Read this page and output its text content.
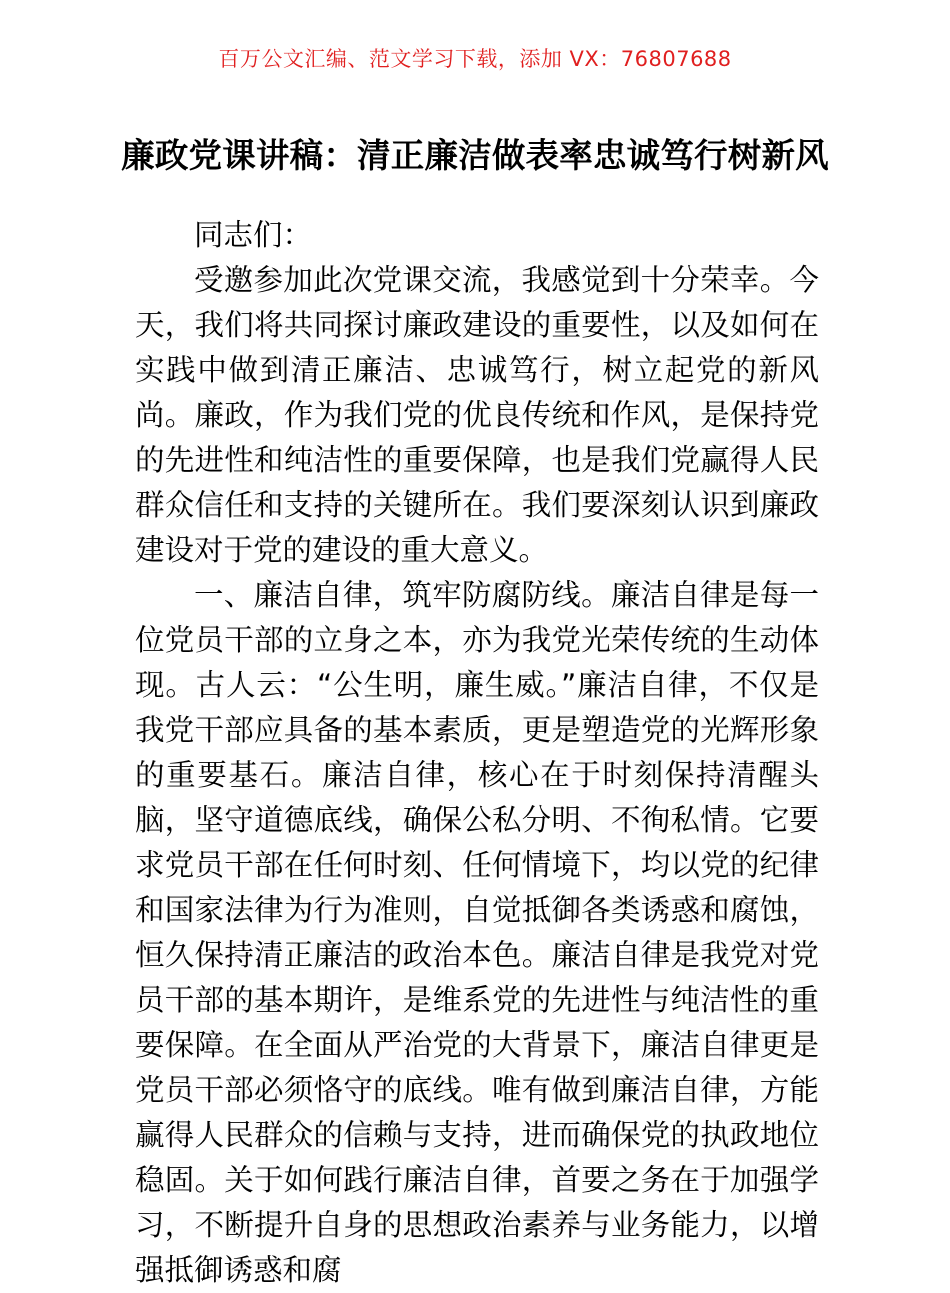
百万公文汇编、范文学习下载，添加 VX：76807688
廉政党课讲稿：清正廉洁做表率忠诚笃行树新风

同志们：

受邀参加此次党课交流，我感觉到十分荣幸。今天，我们将共同探讨廉政建设的重要性，以及如何在实践中做到清正廉洁、忠诚笃行，树立起党的新风尚。廉政，作为我们党的优良传统和作风，是保持党的先进性和纯洁性的重要保障，也是我们党赢得人民群众信任和支持的关键所在。我们要深刻认识到廉政建设对于党的建设的重大意义。

一、廉洁自律，筑牢防腐防线。廉洁自律是每一位党员干部的立身之本，亦为我党光荣传统的生动体现。古人云：“公生明，廉生威。”廉洁自律，不仅是我党干部应具备的基本素质，更是塑造党的光辉形象的重要基石。廉洁自律，核心在于时刻保持清醒头脑，坚守道德底线，确保公私分明、不徇私情。它要求党员干部在任何时刻、任何情境下，均以党的纪律和国家法律为行为准则，自觉抵御各类诱惑和腐蚀，恒久保持清正廉洁的政治本色。廉洁自律是我党对党员干部的基本期许，是维系党的先进性与纯洁性的重要保障。在全面从严治党的大背景下，廉洁自律更是党员干部必须恪守的底线。唯有做到廉洁自律，方能赢得人民群众的信赖与支持，进而确保党的执政地位稳固。关于如何践行廉洁自律，首要之务在于加强学习，不断提升自身的思想政治素养与业务能力，以增强抵御诱惑和腐
